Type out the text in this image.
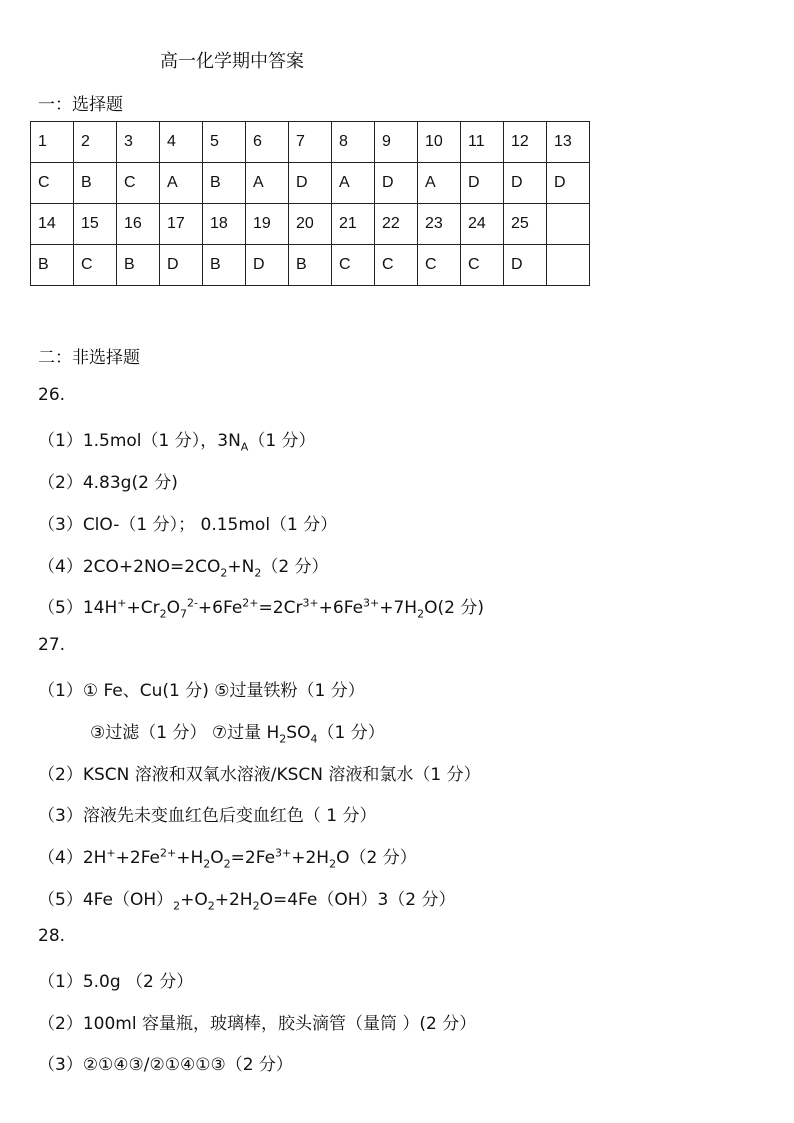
高一化学期中答案
一：选择题
1	2	3	4	5	6	7	8	9	10	11	12	13
C	B	C	A	B	A	D	A	D	A	D	D	D
14	15	16	17	18	19	20	21	22	23	24	25	
B	C	B	D	B	D	B	C	C	C	C	D	
二：非选择题
26.
（1）1.5mol（1 分），$3N_A(1$ 分）
（2）4.83g(2 分)
（3）ClO-（1 分）； 0.15mol（1 分）
$(4)2CO+2NO=2CO_2+N_2(2$ 分）
$(5)14H^++Cr_2O_7^{2-}+6Fe^{2+}=2Cr^{3+}+6Fe^{3+}+7H_2O(2$ 分)
27.
（1）① Fe、Cu(1 分) ⑤过量铁粉（1 分）
③过滤（1 分） ⑦过量 $H_2SO_4(1$ 分）
（2）KSCN 溶液和双氧水溶液/KSCN 溶液和氯水（1 分）
（3）溶液先未变血红色后变血红色（ 1 分）
$(4)2H^++2Fe^{2+}+H_2O_2=2Fe^{3+}+2H_2O(2$ 分）
$(5)4Fe(OH)_2+O_2+2H_2O=4Fe(OH)3(2$ 分）
28.
（1）5.0g （2 分）
（2）100ml 容量瓶，玻璃棒，胶头滴管（量筒 ）(2 分）
（3）②①④③/②①④①③（2 分）
